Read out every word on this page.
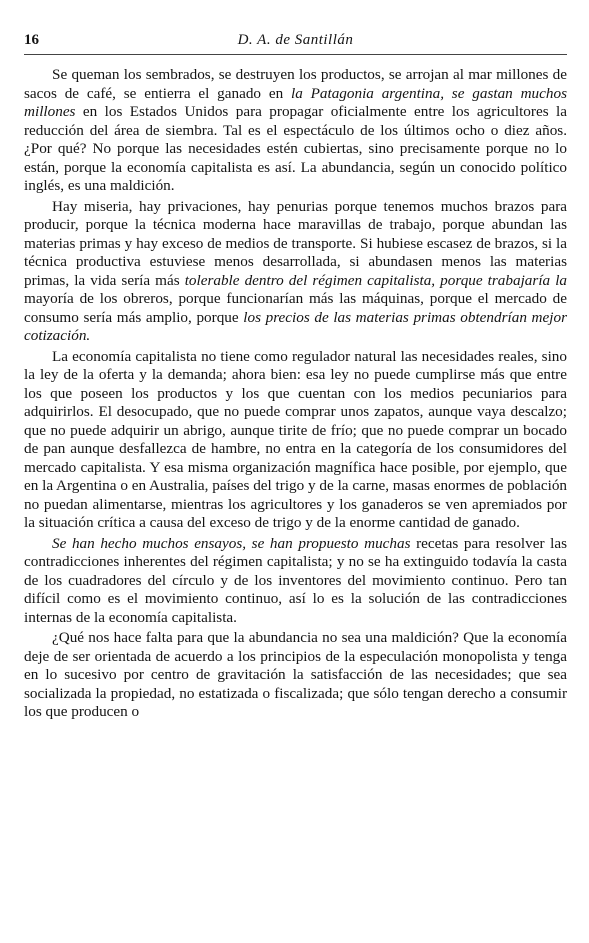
16	D. A. de Santillán

Se queman los sembrados, se destruyen los productos, se arrojan al mar millones de sacos de café, se entierra el ganado en la Patagonia argentina, se gastan muchos millones en los Estados Unidos para propagar oficialmente entre los agricultores la reducción del área de siembra. Tal es el espectáculo de los últimos ocho o diez años. ¿Por qué? No porque las necesidades estén cubiertas, sino precisamente porque no lo están, porque la economía capitalista es así. La abundancia, según un conocido político inglés, es una maldición.

Hay miseria, hay privaciones, hay penurias porque tenemos muchos brazos para producir, porque la técnica moderna hace maravillas de trabajo, porque abundan las materias primas y hay exceso de medios de transporte. Si hubiese escasez de brazos, si la técnica productiva estuviese menos desarrollada, si abundasen menos las materias primas, la vida sería más tolerable dentro del régimen capitalista, porque trabajaría la mayoría de los obreros, porque funcionarían más las máquinas, porque el mercado de consumo sería más amplio, porque los precios de las materias primas obtendrían mejor cotización.

La economía capitalista no tiene como regulador natural las necesidades reales, sino la ley de la oferta y la demanda; ahora bien: esa ley no puede cumplirse más que entre los que poseen los productos y los que cuentan con los medios pecuniarios para adquirirlos. El desocupado, que no puede comprar unos zapatos, aunque vaya descalzo; que no puede adquirir un abrigo, aunque tirite de frío; que no puede comprar un bocado de pan aunque desfallezca de hambre, no entra en la categoría de los consumidores del mercado capitalista. Y esa misma organización magnífica hace posible, por ejemplo, que en la Argentina o en Australia, países del trigo y de la carne, masas enormes de población no puedan alimentarse, mientras los agricultores y los ganaderos se ven apremiados por la situación crítica a causa del exceso de trigo y de la enorme cantidad de ganado.

Se han hecho muchos ensayos, se han propuesto muchas recetas para resolver las contradicciones inherentes del régimen capitalista; y no se ha extinguido todavía la casta de los cuadradores del círculo y de los inventores del movimiento continuo. Pero tan difícil como es el movimiento continuo, así lo es la solución de las contradicciones internas de la economía capitalista.

¿Qué nos hace falta para que la abundancia no sea una maldición? Que la economía deje de ser orientada de acuerdo a los principios de la especulación monopolista y tenga en lo sucesivo por centro de gravitación la satisfacción de las necesidades; que sea socializada la propiedad, no estatizada o fiscalizada; que sólo tengan derecho a consumir los que producen o
